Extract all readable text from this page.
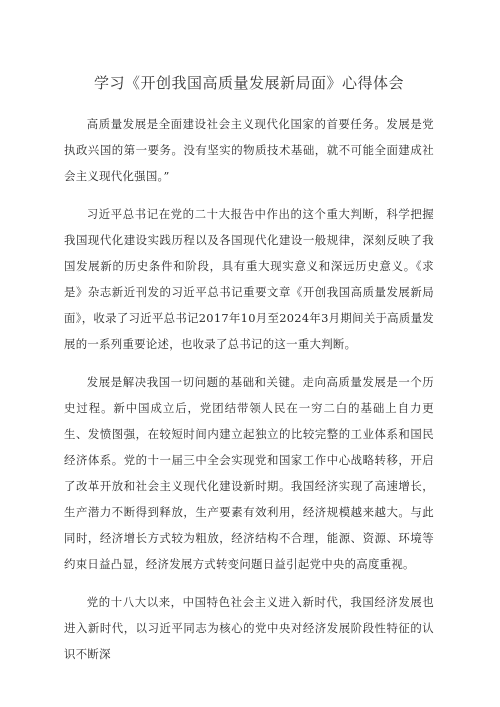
学习《开创我国高质量发展新局面》心得体会

高质量发展是全面建设社会主义现代化国家的首要任务。发展是党执政兴国的第一要务。没有坚实的物质技术基础，就不可能全面建成社会主义现代化强国。”

习近平总书记在党的二十大报告中作出的这个重大判断，科学把握我国现代化建设实践历程以及各国现代化建设一般规律，深刻反映了我国发展新的历史条件和阶段，具有重大现实意义和深远历史意义。《求是》杂志新近刊发的习近平总书记重要文章《开创我国高质量发展新局面》，收录了习近平总书记2017年10月至2024年3月期间关于高质量发展的一系列重要论述，也收录了总书记的这一重大判断。

发展是解决我国一切问题的基础和关键。走向高质量发展是一个历史过程。新中国成立后，党团结带领人民在一穷二白的基础上自力更生、发愤图强，在较短时间内建立起独立的比较完整的工业体系和国民经济体系。党的十一届三中全会实现党和国家工作中心战略转移，开启了改革开放和社会主义现代化建设新时期。我国经济实现了高速增长，生产潜力不断得到释放，生产要素有效利用，经济规模越来越大。与此同时，经济增长方式较为粗放，经济结构不合理，能源、资源、环境等约束日益凸显，经济发展方式转变问题日益引起党中央的高度重视。

党的十八大以来，中国特色社会主义进入新时代，我国经济发展也进入新时代，以习近平同志为核心的党中央对经济发展阶段性特征的认识不断深
